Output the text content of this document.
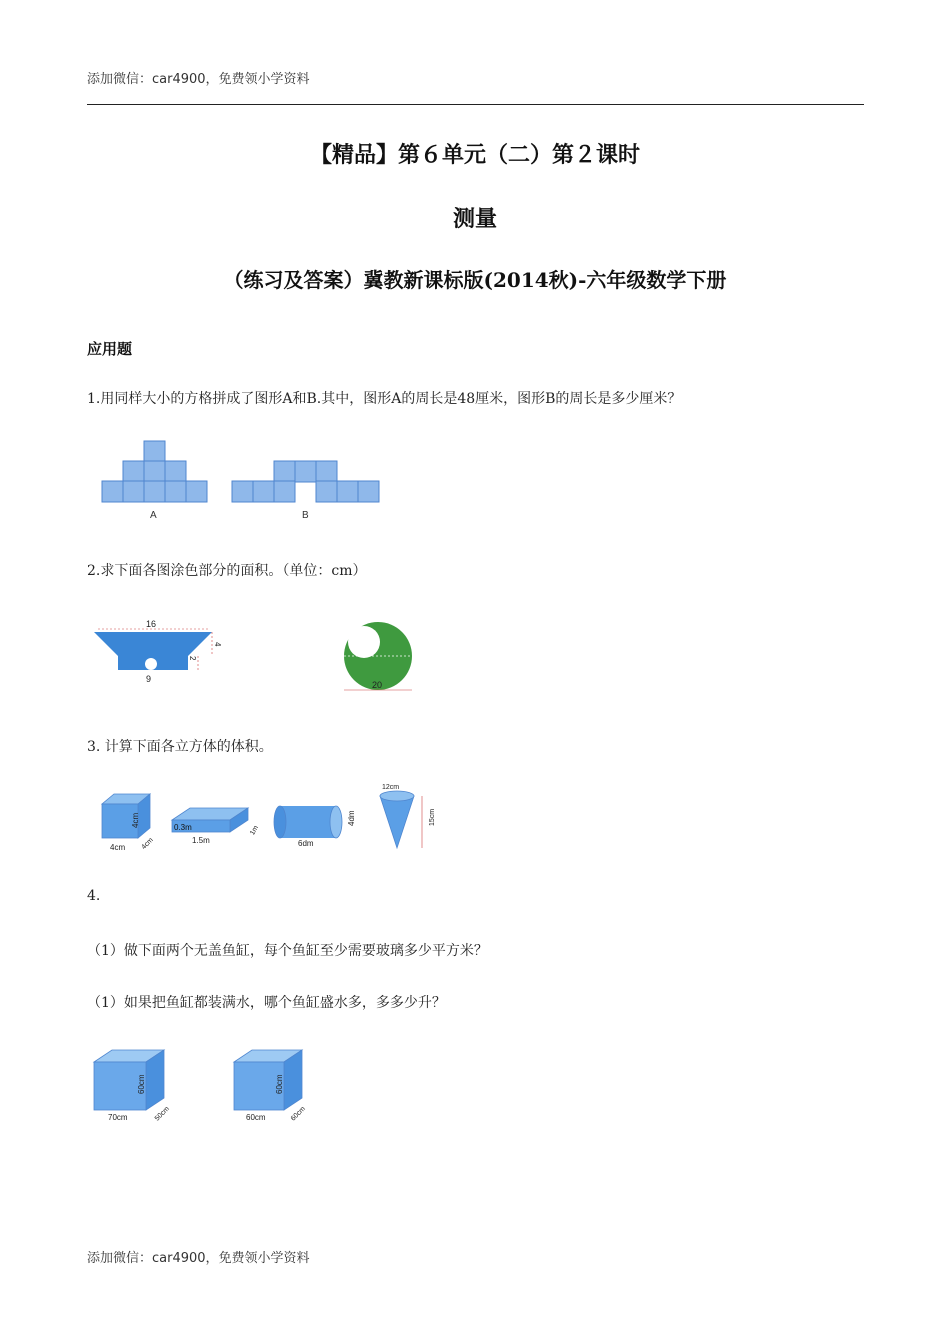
添加微信：car4900，免费领小学资料
【精品】第６单元（二）第２课时
测量
（练习及答案）冀教新课标版(2014秋)-六年级数学下册
应用题
1.用同样大小的方格拼成了图形A和B.其中，图形A的周长是48厘米，图形B的周长是多少厘米？
A	B
2.求下面各图涂色部分的面积。（单位：cm）
16
4
2
9
20
3. 计算下面各立方体的体积。
4cm
4cm
4cm
0.3m
1.5m
1m
6dm
4dm
12cm
15cm
4.
（1）做下面两个无盖鱼缸，每个鱼缸至少需要玻璃多少平方米？
（1）如果把鱼缸都装满水，哪个鱼缸盛水多，多多少升？
70cm
60cm
50cm	60cm
60cm
60cm
添加微信：car4900，免费领小学资料
